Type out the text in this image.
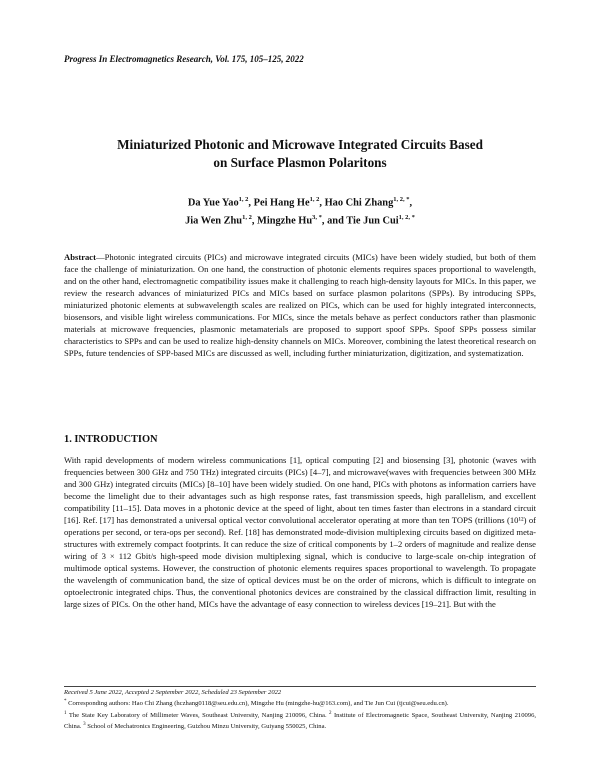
Progress In Electromagnetics Research, Vol. 175, 105–125, 2022
Miniaturized Photonic and Microwave Integrated Circuits Based
on Surface Plasmon Polaritons
Da Yue Yao$^{1, 2}$, Pei Hang He$^{1, 2}$, Hao Chi Zhang$^{1, 2, *}$,
Jia Wen Zhu$^{1, 2}$, Mingzhe $Hu^{3, *}$, and Tie Jun Cui$^{1, 2, *}$
Abstract—Photonic integrated circuits (PICs) and microwave integrated circuits (MICs) have been widely studied, but both of them face the challenge of miniaturization. On one hand, the construction of photonic elements requires spaces proportional to wavelength, and on the other hand, electromagnetic compatibility issues make it challenging to reach high-density layouts for MICs. In this paper, we review the research advances of miniaturized PICs and MICs based on surface plasmon polaritons (SPPs). By introducing SPPs, miniaturized photonic elements at subwavelength scales are realized on PICs, which can be used for highly integrated interconnects, biosensors, and visible light wireless communications. For MICs, since the metals behave as perfect conductors rather than plasmonic materials at microwave frequencies, plasmonic metamaterials are proposed to support spoof SPPs. Spoof SPPs possess similar characteristics to SPPs and can be used to realize high-density channels on MICs. Moreover, combining the latest theoretical research on SPPs, future tendencies of SPP-based MICs are discussed as well, including further miniaturization, digitization, and systematization.
1. INTRODUCTION

With rapid developments of modern wireless communications [1], optical computing [2] and biosensing [3], photonic (waves with frequencies between 300 GHz and 750 THz) integrated circuits (PICs) [4–7], and microwave(waves with frequencies between 300 MHz and 300 GHz) integrated circuits (MICs) [8–10] have been widely studied. On one hand, PICs with photons as information carriers have become the limelight due to their advantages such as high response rates, fast transmission speeds, high parallelism, and excellent compatibility [11–15]. Data moves in a photonic device at the speed of light, about ten times faster than electrons in a standard circuit [16]. Ref. [17] has demonstrated a universal optical vector convolutional accelerator operating at more than ten TOPS (trillions (10¹²) of operations per second, or tera-ops per second). Ref. [18] has demonstrated mode-division multiplexing circuits based on digitized meta-structures with extremely compact footprints. It can reduce the size of critical components by 1–2 orders of magnitude and realize dense wiring of 3 × 112 Gbit/s high-speed mode division multiplexing signal, which is conducive to large-scale on-chip integration of multimode optical systems. However, the construction of photonic elements requires spaces proportional to wavelength. To propagate the wavelength of communication band, the size of optical devices must be on the order of microns, which is difficult to integrate on optoelectronic integrated chips. Thus, the conventional photonics devices are constrained by the classical diffraction limit, resulting in large sizes of PICs. On the other hand, MICs have the advantage of easy connection to wireless devices [19–21]. But with the

Received 5 June 2022, Accepted 2 September 2022, Scheduled 23 September 2022

* Corresponding authors: Hao Chi Zhang (hczhang0118@seu.edu.cn), Mingzhe Hu (mingzhe-hu@163.com), and Tie Jun Cui (tjcui@seu.edu.cn).

$^1$ The State Key Laboratory of Millimeter Waves, Southeast University, Nanjing 210096, China. $^2$ Institute of Electromagnetic Space, Southeast University, Nanjing 210096, China. $^3$ School of Mechatronics Engineering, Guizhou Minzu University, Guiyang 550025, China.
